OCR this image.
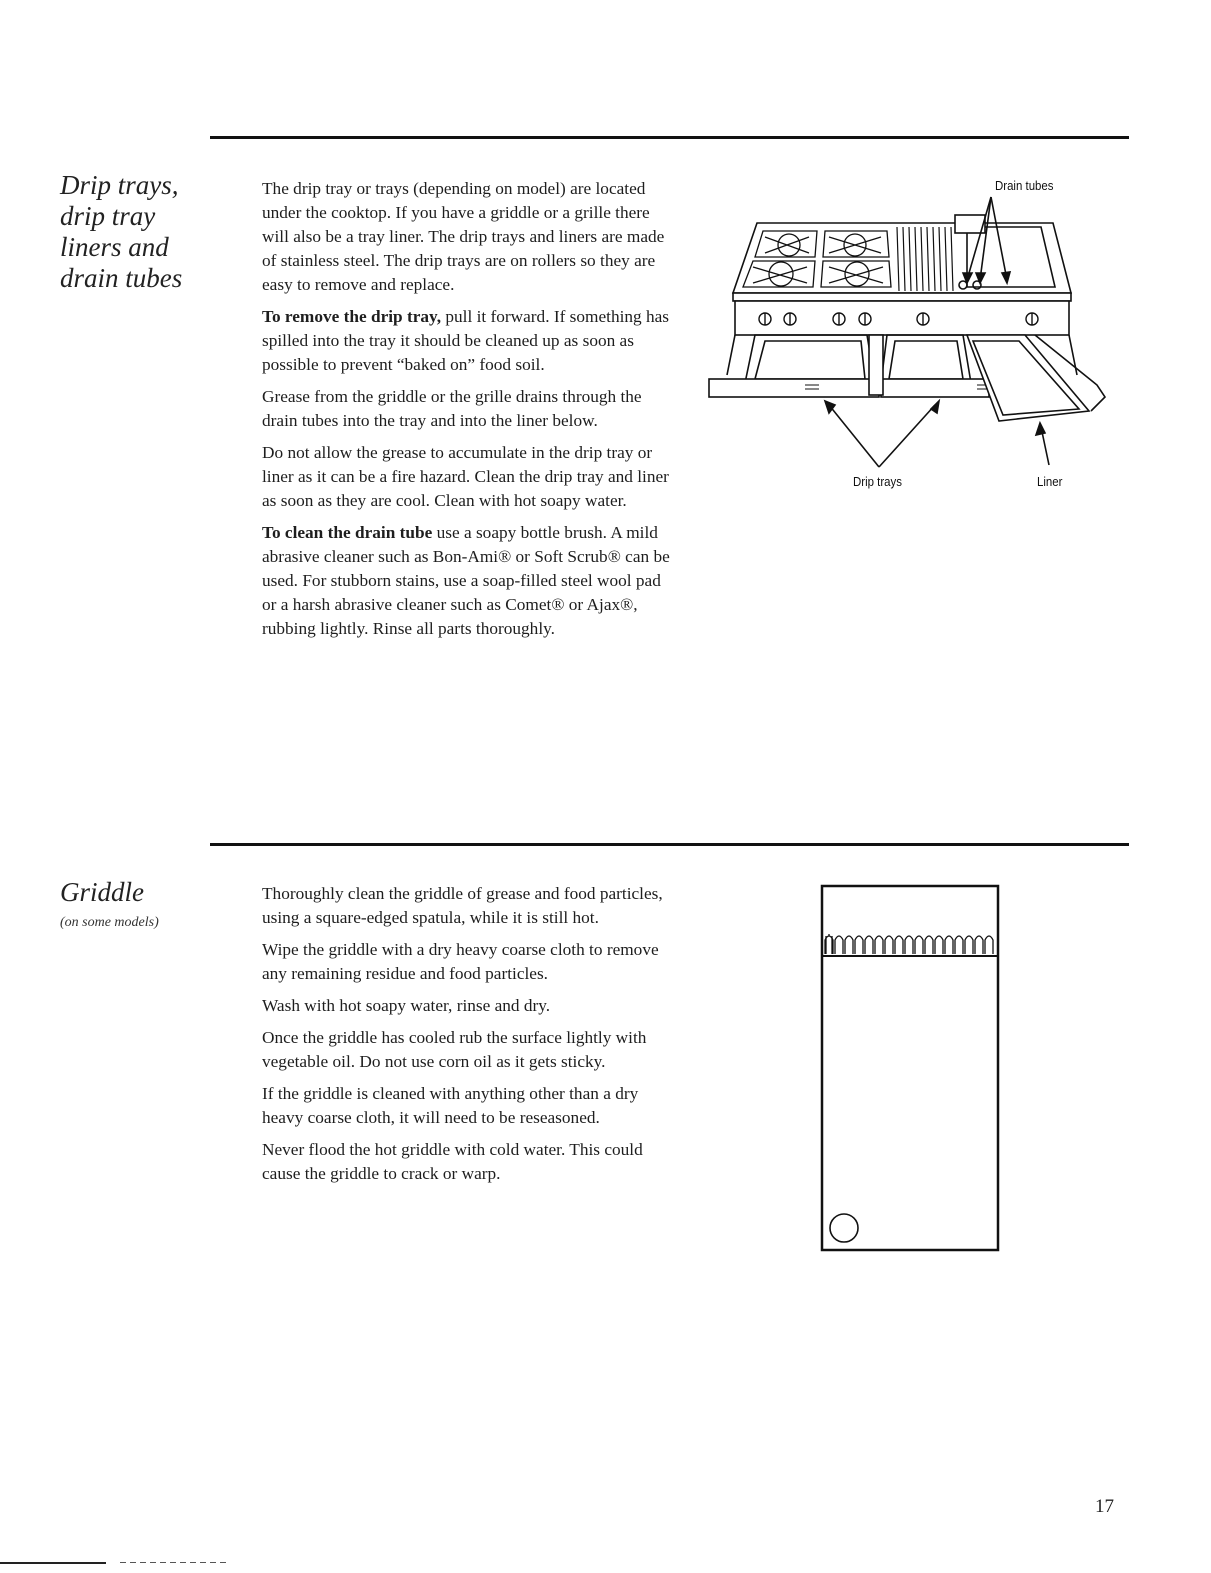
Drip trays,
drip tray
liners and
drain tubes

The drip tray or trays (depending on model) are located under the cooktop. If you have a griddle or a grille there will also be a tray liner. The drip trays and liners are made of stainless steel. The drip trays are on rollers so they are easy to remove and replace.

To remove the drip tray, pull it forward. If something has spilled into the tray it should be cleaned up as soon as possible to prevent “baked on” food soil.

Grease from the griddle or the grille drains through the drain tubes into the tray and into the liner below.

Do not allow the grease to accumulate in the drip tray or liner as it can be a fire hazard. Clean the drip tray and liner as soon as they are cool. Clean with hot soapy water.

To clean the drain tube use a soapy bottle brush. A mild abrasive cleaner such as Bon-Ami® or Soft Scrub® can be used. For stubborn stains, use a soap-filled steel wool pad or a harsh abrasive cleaner such as Comet® or Ajax®, rubbing lightly. Rinse all parts thoroughly.

Drain tubes
Drip trays	Liner
Griddle
(on some models)

Thoroughly clean the griddle of grease and food particles, using a square-edged spatula, while it is still hot.

Wipe the griddle with a dry heavy coarse cloth to remove any remaining residue and food particles.

Wash with hot soapy water, rinse and dry.

Once the griddle has cooled rub the surface lightly with vegetable oil. Do not use corn oil as it gets sticky.

If the griddle is cleaned with anything other than a dry heavy coarse cloth, it will need to be reseasoned.

Never flood the hot griddle with cold water. This could cause the griddle to crack or warp.

17
